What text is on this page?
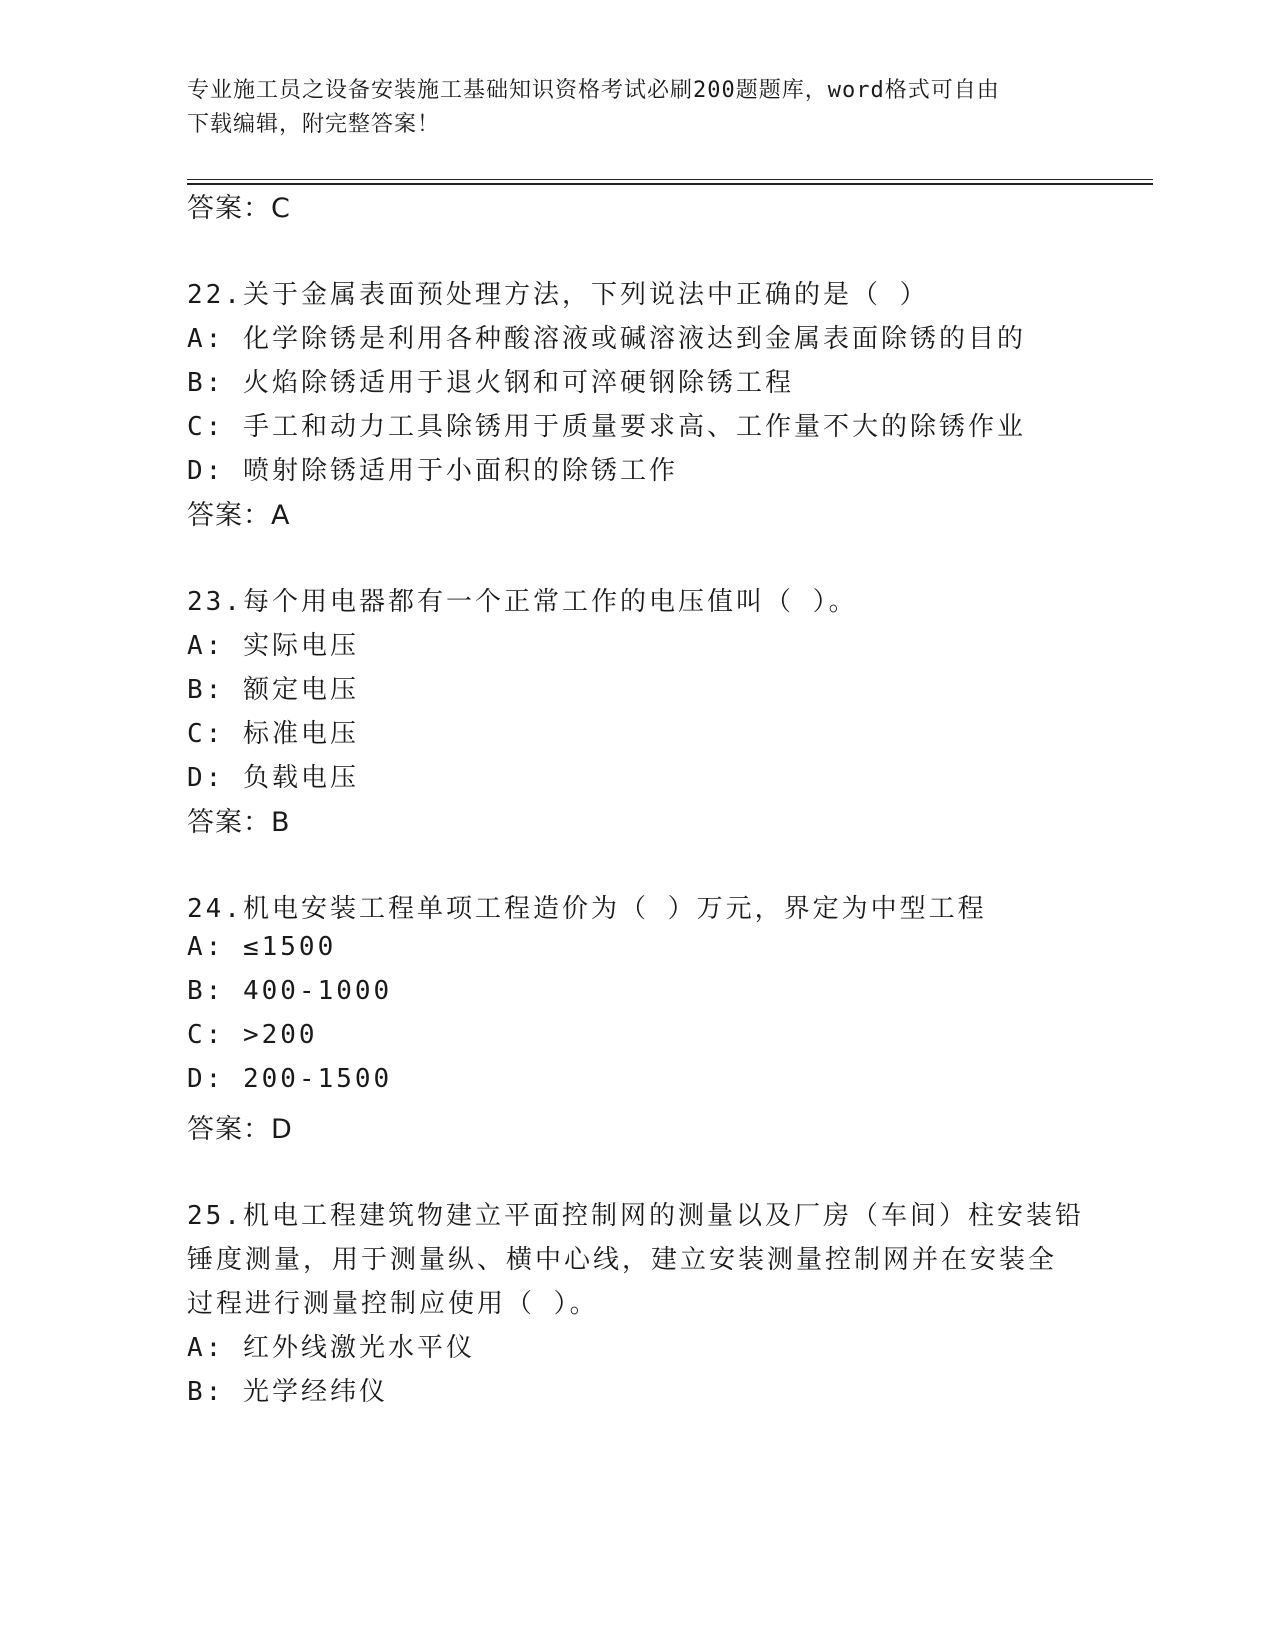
专业施工员之设备安装施工基础知识资格考试必刷200题题库，word格式可自由
下载编辑，附完整答案！
答案：C
22.关于金属表面预处理方法，下列说法中正确的是（ ）
A: 化学除锈是利用各种酸溶液或碱溶液达到金属表面除锈的目的
B: 火焰除锈适用于退火钢和可淬硬钢除锈工程
C: 手工和动力工具除锈用于质量要求高、工作量不大的除锈作业
D: 喷射除锈适用于小面积的除锈工作
答案：A
23.每个用电器都有一个正常工作的电压值叫（ ）。
A: 实际电压
B: 额定电压
C: 标准电压
D: 负载电压
答案：B
24.机电安装工程单项工程造价为（ ）万元，界定为中型工程
A: ≤1500
B: 400-1000
C: >200
D: 200-1500
答案：D
25.机电工程建筑物建立平面控制网的测量以及厂房（车间）柱安装铅
锤度测量，用于测量纵、横中心线，建立安装测量控制网并在安装全
过程进行测量控制应使用（ ）。
A: 红外线激光水平仪
B: 光学经纬仪
